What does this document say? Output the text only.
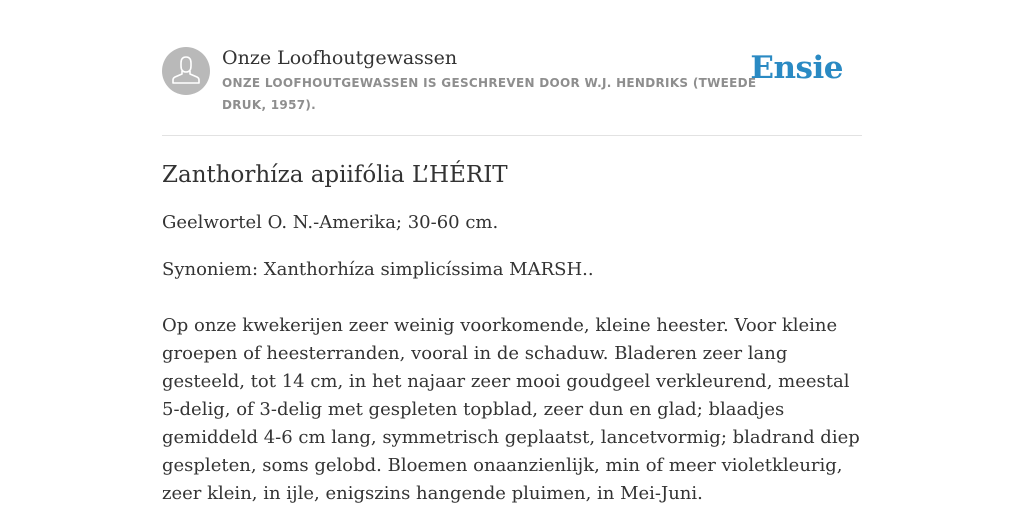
Onze Loofhoutgewassen
ONZE LOOFHOUTGEWASSEN IS GESCHREVEN DOOR W.J. HENDRIKS (TWEEDE DRUK, 1957).
Ensie
Zanthorhíza apiifólia L’HÉRIT

Geelwortel O. N.-Amerika; 30-60 cm.

Synoniem: Xanthorhíza simplicíssima MARSH..

Op onze kwekerijen zeer weinig voorkomende, kleine heester. Voor kleine groepen of heesterranden, vooral in de schaduw. Bladeren zeer lang gesteeld, tot 14 cm, in het najaar zeer mooi goudgeel verkleurend, meestal 5-delig, of 3-delig met gespleten topblad, zeer dun en glad; blaadjes gemiddeld 4-6 cm lang, symmetrisch geplaatst, lancetvormig; bladrand diep gespleten, soms gelobd. Bloemen onaanzienlijk, min of meer violetkleurig, zeer klein, in ijle, enigszins hangende pluimen, in Mei-Juni.
